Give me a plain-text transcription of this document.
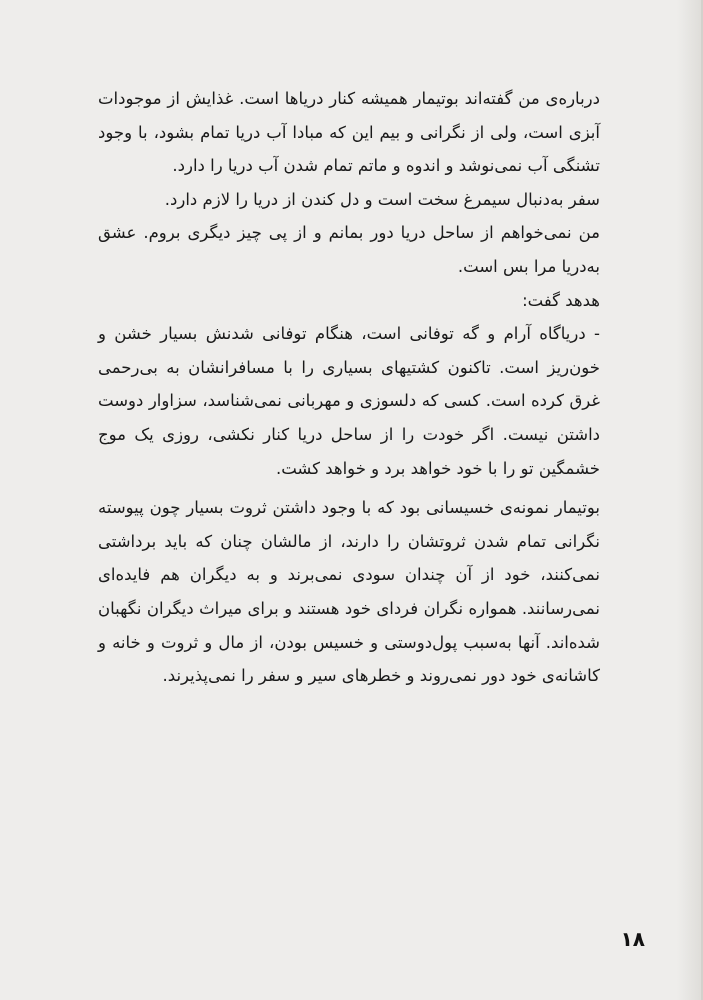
درباره‌ی من گفته‌اند بوتیمار همیشه کنار دریاها است. غذایش از موجودات آبزی است، ولی از نگرانی و بیم این که مبادا آب دریا تمام بشود، با وجود تشنگی آب نمی‌نوشد و اندوه و ماتم تمام شدن آب دریا را دارد.

سفر به‌دنبال سیمرغ سخت است و دل کندن از دریا را لازم دارد.

من نمی‌خواهم از ساحل دریا دور بمانم و از پی چیز دیگری بروم. عشق به‌دریا مرا بس است.

هدهد گفت:

- دریاگاه آرام و گه توفانی است، هنگام توفانی شدنش بسیار خشن و خون‌ریز است. تاکنون کشتیهای بسیاری را با مسافرانشان به بی‌رحمی غرق کرده است. کسی که دلسوزی و مهربانی نمی‌شناسد، سزاوار دوست داشتن نیست. اگر خودت را از ساحل دریا کنار نکشی، روزی یک موج خشمگین تو را با خود خواهد برد و خواهد کشت.

بوتیمار نمونه‌ی خسیسانی بود که با وجود داشتن ثروت بسیار چون پیوسته نگرانی تمام شدن ثروتشان را دارند، از مالشان چنان که باید برداشتی نمی‌کنند، خود از آن چندان سودی نمی‌برند و به دیگران هم فایده‌ای نمی‌رسانند. همواره نگران فردای خود هستند و برای میراث دیگران نگهبان شده‌اند. آنها به‌سبب پول‌دوستی و خسیس بودن، از مال و ثروت و خانه و کاشانه‌ی خود دور نمی‌روند و خطرهای سیر و سفر را نمی‌پذیرند.

۱۸
